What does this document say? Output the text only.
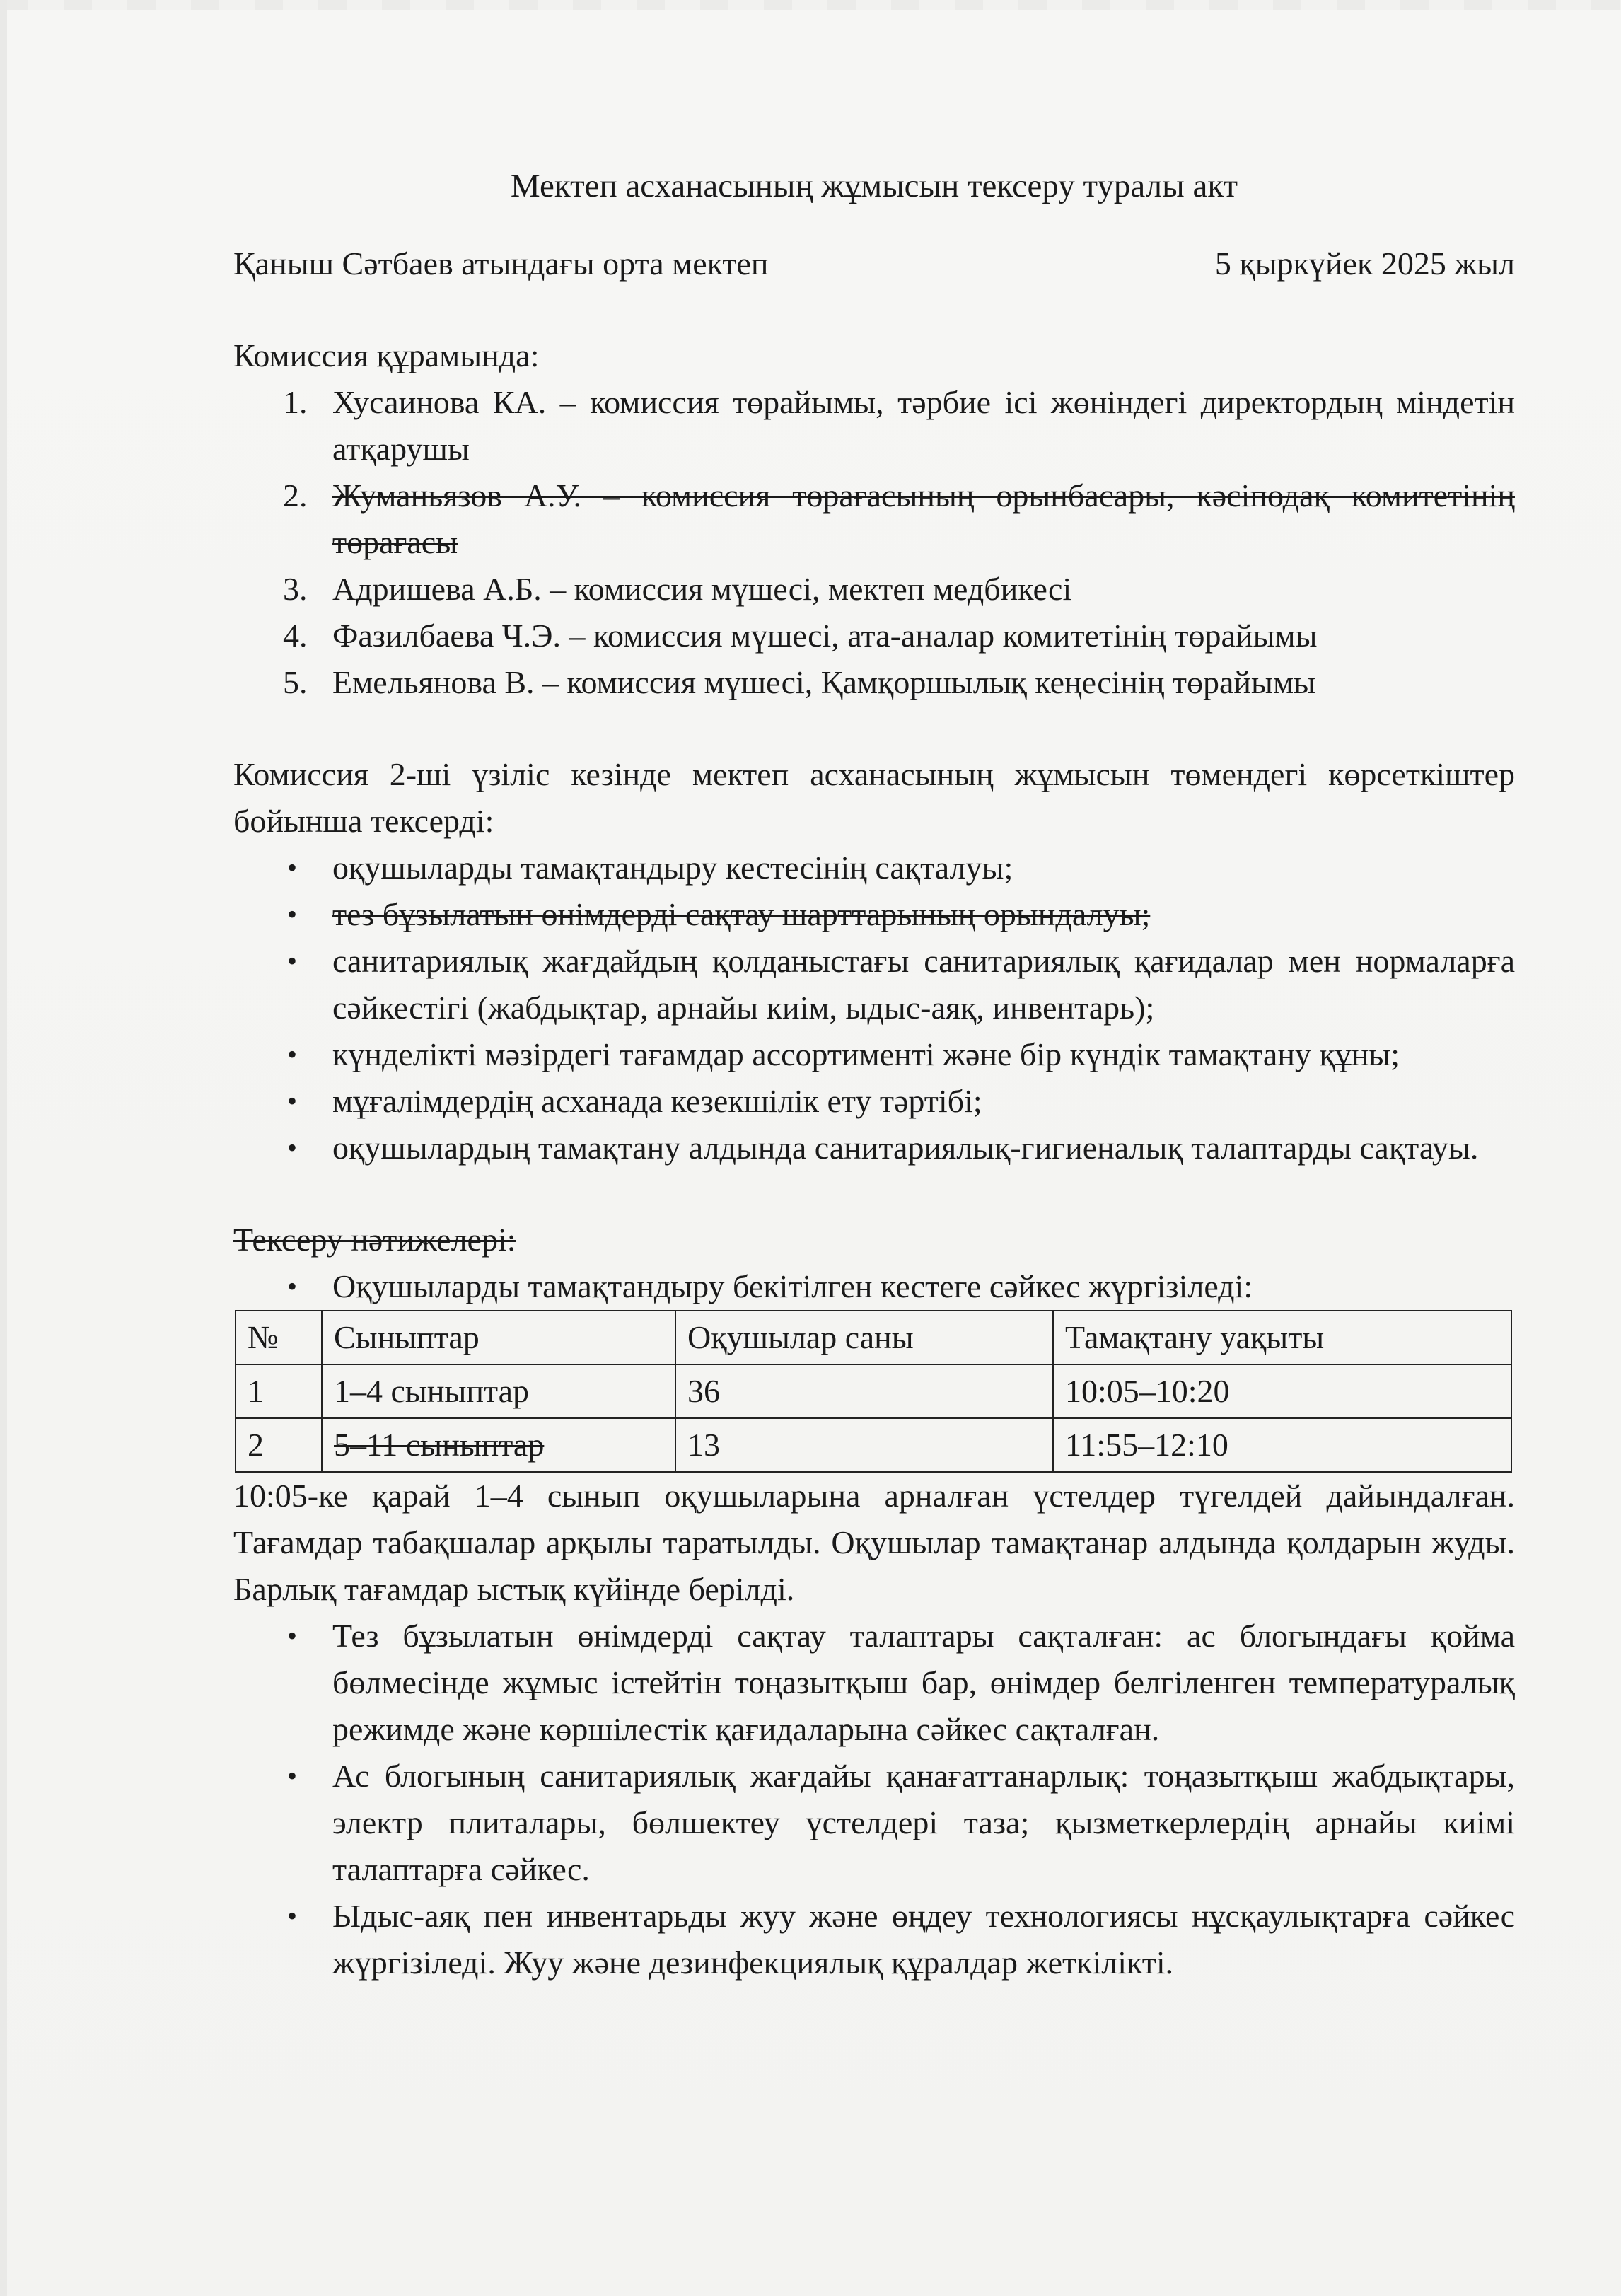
Мектеп асханасының жұмысын тексеру туралы акт
Қаныш Сәтбаев атындағы орта мектеп	5 қыркүйек 2025 жыл

Комиссия құрамында:

1. Хусаинова КА. – комиссия төрайымы, тәрбие ісі жөніндегі директордың міндетін атқарушы
2. Жуманьязов А.У. – комиссия төрағасының орынбасары, кәсіподақ комитетінің төрағасы
3. Адришева А.Б. – комиссия мүшесі, мектеп медбикесі
4. Фазилбаева Ч.Э. – комиссия мүшесі, ата-аналар комитетінің төрайымы
5. Емельянова В. – комиссия мүшесі, Қамқоршылық кеңесінің төрайымы

Комиссия 2-ші үзіліс кезінде мектеп асханасының жұмысын төмендегі көрсеткіштер бойынша тексерді:

• оқушыларды тамақтандыру кестесінің сақталуы;
• тез бұзылатын өнімдерді сақтау шарттарының орындалуы;
• санитариялық жағдайдың қолданыстағы санитариялық қағидалар мен нормаларға сәйкестігі (жабдықтар, арнайы киім, ыдыс-аяқ, инвентарь);
• күнделікті мәзірдегі тағамдар ассортименті және бір күндік тамақтану құны;
• мұғалімдердің асханада кезекшілік ету тәртібі;
• оқушылардың тамақтану алдында санитариялық-гигиеналық талаптарды сақтауы.

Тексеру нәтижелері:

• Оқушыларды тамақтандыру бекітілген кестеге сәйкес жүргізіледі:
№	Сыныптар	Оқушылар саны	Тамақтану уақыты
1	1–4 сыныптар	36	10:05–10:20
2	5–11 сыныптар	13	11:55–12:10

10:05-ке қарай 1–4 сынып оқушыларына арналған үстелдер түгелдей дайындалған. Тағамдар табақшалар арқылы таратылды. Оқушылар тамақтанар алдында қолдарын жуды. Барлық тағамдар ыстық күйінде берілді.

• Тез бұзылатын өнімдерді сақтау талаптары сақталған: ас блогындағы қойма бөлмесінде жұмыс істейтін тоңазытқыш бар, өнімдер белгіленген температуралық режимде және көршілестік қағидаларына сәйкес сақталған.
• Ас блогының санитариялық жағдайы қанағаттанарлық: тоңазытқыш жабдықтары, электр плиталары, бөлшектеу үстелдері таза; қызметкерлердің арнайы киімі талаптарға сәйкес.
• Ыдыс-аяқ пен инвентарьды жуу және өңдеу технологиясы нұсқаулықтарға сәйкес жүргізіледі. Жуу және дезинфекциялық құралдар жеткілікті.
